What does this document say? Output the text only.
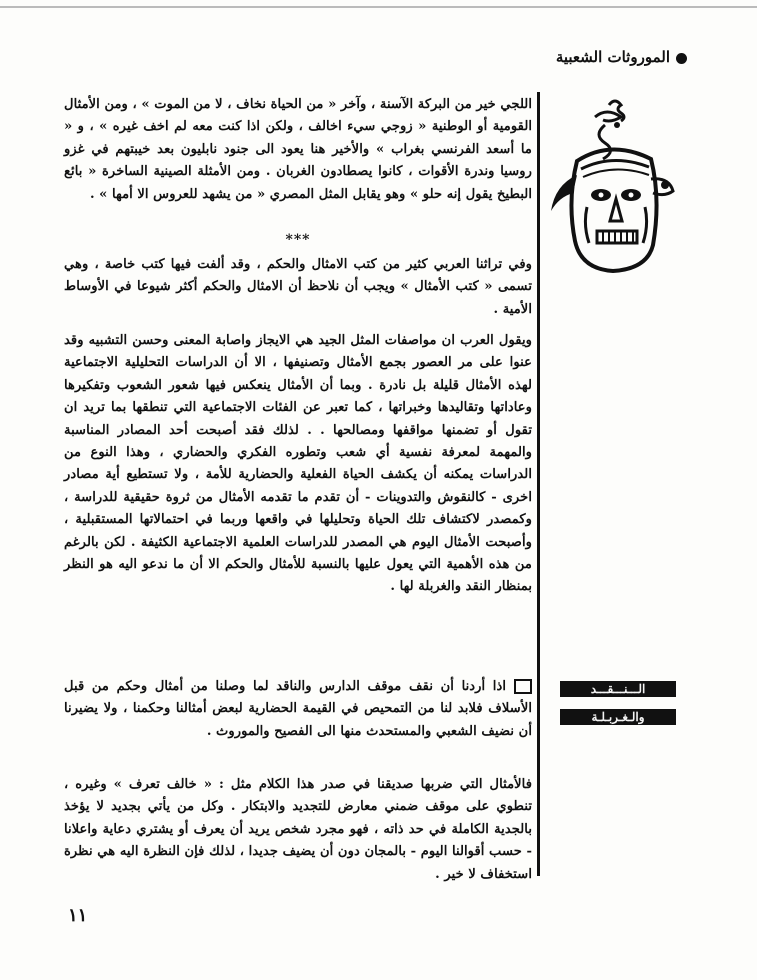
الموروثات الشعبية

اللجي خير من البركة الآسنة ، وآخر « من الحياة نخاف ، لا من الموت » ، ومن الأمثال القومية أو الوطنية « زوجي سيء اخالف ، ولكن اذا كنت معه لم اخف غيره » ، و « ما أسعد الفرنسي بغراب » والأخير هنا يعود الى جنود نابليون بعد خيبتهم في غزو روسيا وندرة الأقوات ، كانوا يصطادون الغربان . ومن الأمثلة الصينية الساخرة « بائع البطيخ يقول إنه حلو » وهو يقابل المثل المصري « من يشهد للعروس الا أمها » .

***

وفي تراثنا العربي كثير من كتب الامثال والحكم ، وقد ألفت فيها كتب خاصة ، وهي تسمى « كتب الأمثال » ويجب أن نلاحظ أن الامثال والحكم أكثر شيوعا في الأوساط الأمية .

ويقول العرب ان مواصفات المثل الجيد هي الايجاز واصابة المعنى وحسن التشبيه وقد عنوا على مر العصور بجمع الأمثال وتصنيفها ، الا أن الدراسات التحليلية الاجتماعية لهذه الأمثال قليلة بل نادرة . وبما أن الأمثال ينعكس فيها شعور الشعوب وتفكيرها وعاداتها وتقاليدها وخبراتها ، كما تعبر عن الفئات الاجتماعية التي تنطقها بما تريد ان تقول أو تضمنها مواقفها ومصالحها . . لذلك فقد أصبحت أحد المصادر المناسبة والمهمة لمعرفة نفسية أي شعب وتطوره الفكري والحضاري ، وهذا النوع من الدراسات يمكنه أن يكشف الحياة الفعلية والحضارية للأمة ، ولا تستطيع أية مصادر اخرى - كالنقوش والتدوينات - أن تقدم ما تقدمه الأمثال من ثروة حقيقية للدراسة ، وكمصدر لاكتشاف تلك الحياة وتحليلها في واقعها وربما في احتمالاتها المستقبلية ، وأصبحت الأمثال اليوم هي المصدر للدراسات العلمية الاجتماعية الكثيفة . لكن بالرغم من هذه الأهمية التي يعول عليها بالنسبة للأمثال والحكم الا أن ما ندعو اليه هو النظر بمنظار النقد والغربلة لها .

اذا أردنا أن نقف موقف الدارس والناقد لما وصلنا من أمثال وحكم من قبل الأسلاف فلابد لنا من التمحيص في القيمة الحضارية لبعض أمثالنا وحكمنا ، ولا يضيرنا أن نضيف الشعبي والمستحدث منها الى الفصيح والموروث .

فالأمثال التي ضربها صديقنا في صدر هذا الكلام مثل : « خالف تعرف » وغيره ، تنطوي على موقف ضمني معارض للتجديد والابتكار . وكل من يأتي بجديد لا يؤخذ بالجدية الكاملة في حد ذاته ، فهو مجرد شخص يريد أن يعرف أو يشتري دعاية واعلانا - حسب أقوالنا اليوم - بالمجان دون أن يضيف جديدا ، لذلك فإن النظرة اليه هي نظرة استخفاف لا خير .

الـــنـــقـــد
والـغـربـلـة
١١
